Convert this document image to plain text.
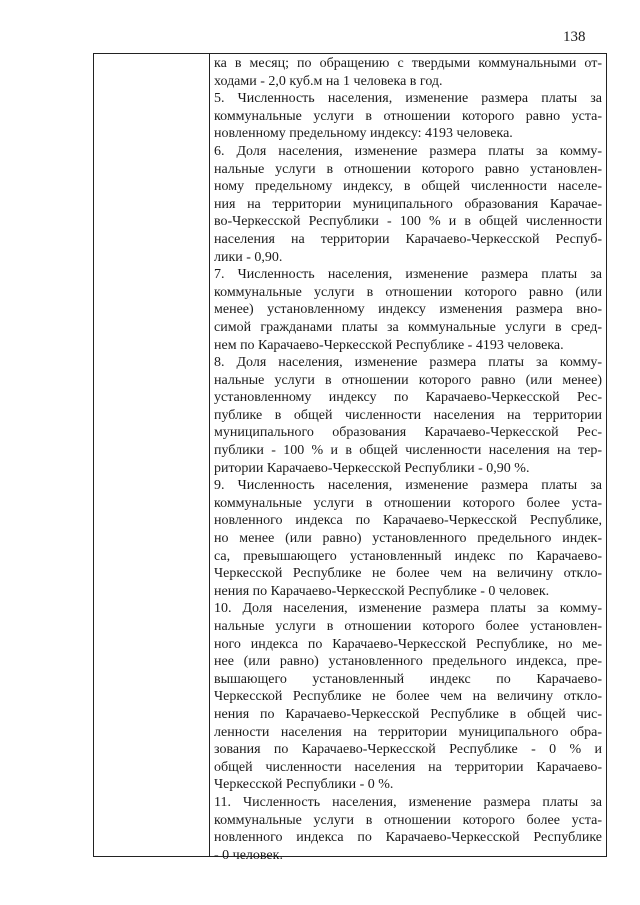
138
ка в месяц; по обращению с твердыми коммунальными от-
ходами - 2,0 куб.м на 1 человека в год.
5. Численность населения, изменение размера платы за
коммунальные услуги в отношении которого равно уста-
новленному предельному индексу: 4193 человека.
6. Доля населения, изменение размера платы за комму-
нальные услуги в отношении которого равно установлен-
ному предельному индексу, в общей численности населе-
ния на территории муниципального образования Карачае-
во-Черкесской Республики - 100 % и в общей численности
населения на территории Карачаево-Черкесской Респуб-
лики - 0,90.
7. Численность населения, изменение размера платы за
коммунальные услуги в отношении которого равно (или
менее) установленному индексу изменения размера вно-
симой гражданами платы за коммунальные услуги в сред-
нем по Карачаево-Черкесской Республике - 4193 человека.
8. Доля населения, изменение размера платы за комму-
нальные услуги в отношении которого равно (или менее)
установленному индексу по Карачаево-Черкесской Рес-
публике в общей численности населения на территории
муниципального образования Карачаево-Черкесской Рес-
публики - 100 % и в общей численности населения на тер-
ритории Карачаево-Черкесской Республики - 0,90 %.
9. Численность населения, изменение размера платы за
коммунальные услуги в отношении которого более уста-
новленного индекса по Карачаево-Черкесской Республике,
но менее (или равно) установленного предельного индек-
са, превышающего установленный индекс по Карачаево-
Черкесской Республике не более чем на величину откло-
нения по Карачаево-Черкесской Республике - 0 человек.
10. Доля населения, изменение размера платы за комму-
нальные услуги в отношении которого более установлен-
ного индекса по Карачаево-Черкесской Республике, но ме-
нее (или равно) установленного предельного индекса, пре-
вышающего установленный индекс по Карачаево-
Черкесской Республике не более чем на величину откло-
нения по Карачаево-Черкесской Республике в общей чис-
ленности населения на территории муниципального обра-
зования по Карачаево-Черкесской Республике - 0 % и
общей численности населения на территории Карачаево-
Черкесской Республики - 0 %.
11. Численность населения, изменение размера платы за
коммунальные услуги в отношении которого более уста-
новленного индекса по Карачаево-Черкесской Республике
- 0 человек.
